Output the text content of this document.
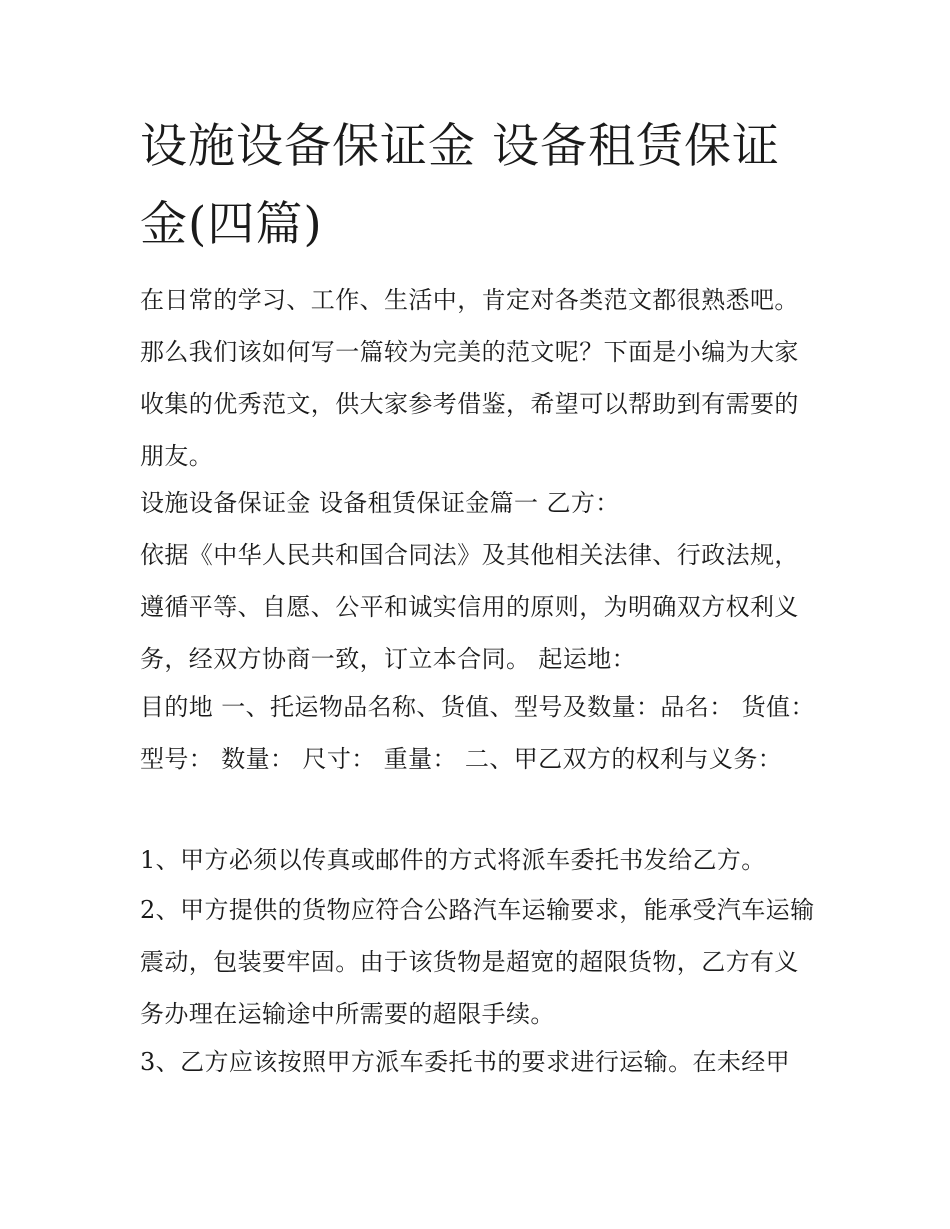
设施设备保证金 设备租赁保证金(四篇)

在日常的学习、工作、生活中，肯定对各类范文都很熟悉吧。那么我们该如何写一篇较为完美的范文呢？下面是小编为大家收集的优秀范文，供大家参考借鉴，希望可以帮助到有需要的朋友。

设施设备保证金 设备租赁保证金篇一 乙方：

依据《中华人民共和国合同法》及其他相关法律、行政法规，遵循平等、自愿、公平和诚实信用的原则，为明确双方权利义务，经双方协商一致，订立本合同。 起运地：

目的地 一、托运物品名称、货值、型号及数量：品名： 货值： 型号： 数量： 尺寸： 重量： 二、甲乙双方的权利与义务：

1、甲方必须以传真或邮件的方式将派车委托书发给乙方。

2、甲方提供的货物应符合公路汽车运输要求，能承受汽车运输震动，包装要牢固。由于该货物是超宽的超限货物，乙方有义务办理在运输途中所需要的超限手续。

3、乙方应该按照甲方派车委托书的要求进行运输。在未经甲
